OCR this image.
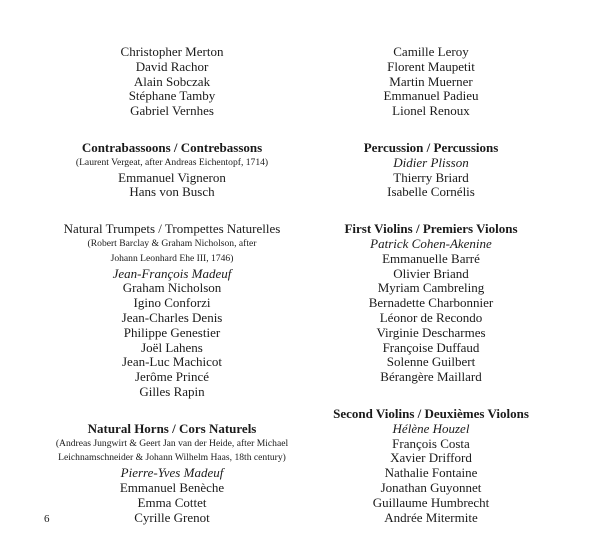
Christopher Merton
David Rachor
Alain Sobczak
Stéphane Tamby
Gabriel Vernhes
Contrabassoons / Contrebassons
(Laurent Vergeat, after Andreas Eichentopf, 1714)
Emmanuel Vigneron
Hans von Busch
Natural Trumpets / Trompettes Naturelles
(Robert Barclay & Graham Nicholson, after
Johann Leonhard Ehe III, 1746)
Jean-François Madeuf
Graham Nicholson
Igino Conforzi
Jean-Charles Denis
Philippe Genestier
Joël Lahens
Jean-Luc Machicot
Jerôme Princé
Gilles Rapin
Natural Horns / Cors Naturels
(Andreas Jungwirt & Geert Jan van der Heide, after Michael
Leichnamschneider & Johann Wilhelm Haas, 18th century)
Pierre-Yves Madeuf
Emmanuel Benèche
Emma Cottet
Cyrille Grenot
Camille Leroy
Florent Maupetit
Martin Muerner
Emmanuel Padieu
Lionel Renoux
Percussion / Percussions
Didier Plisson
Thierry Briard
Isabelle Cornélis
First Violins / Premiers Violons
Patrick Cohen-Akenine
Emmanuelle Barré
Olivier Briand
Myriam Cambreling
Bernadette Charbonnier
Léonor de Recondo
Virginie Descharmes
Françoise Duffaud
Solenne Guilbert
Bérangère Maillard
Second Violins / Deuxièmes Violons
Hélène Houzel
François Costa
Xavier Drifford
Nathalie Fontaine
Jonathan Guyonnet
Guillaume Humbrecht
Andrée Mitermite
6
